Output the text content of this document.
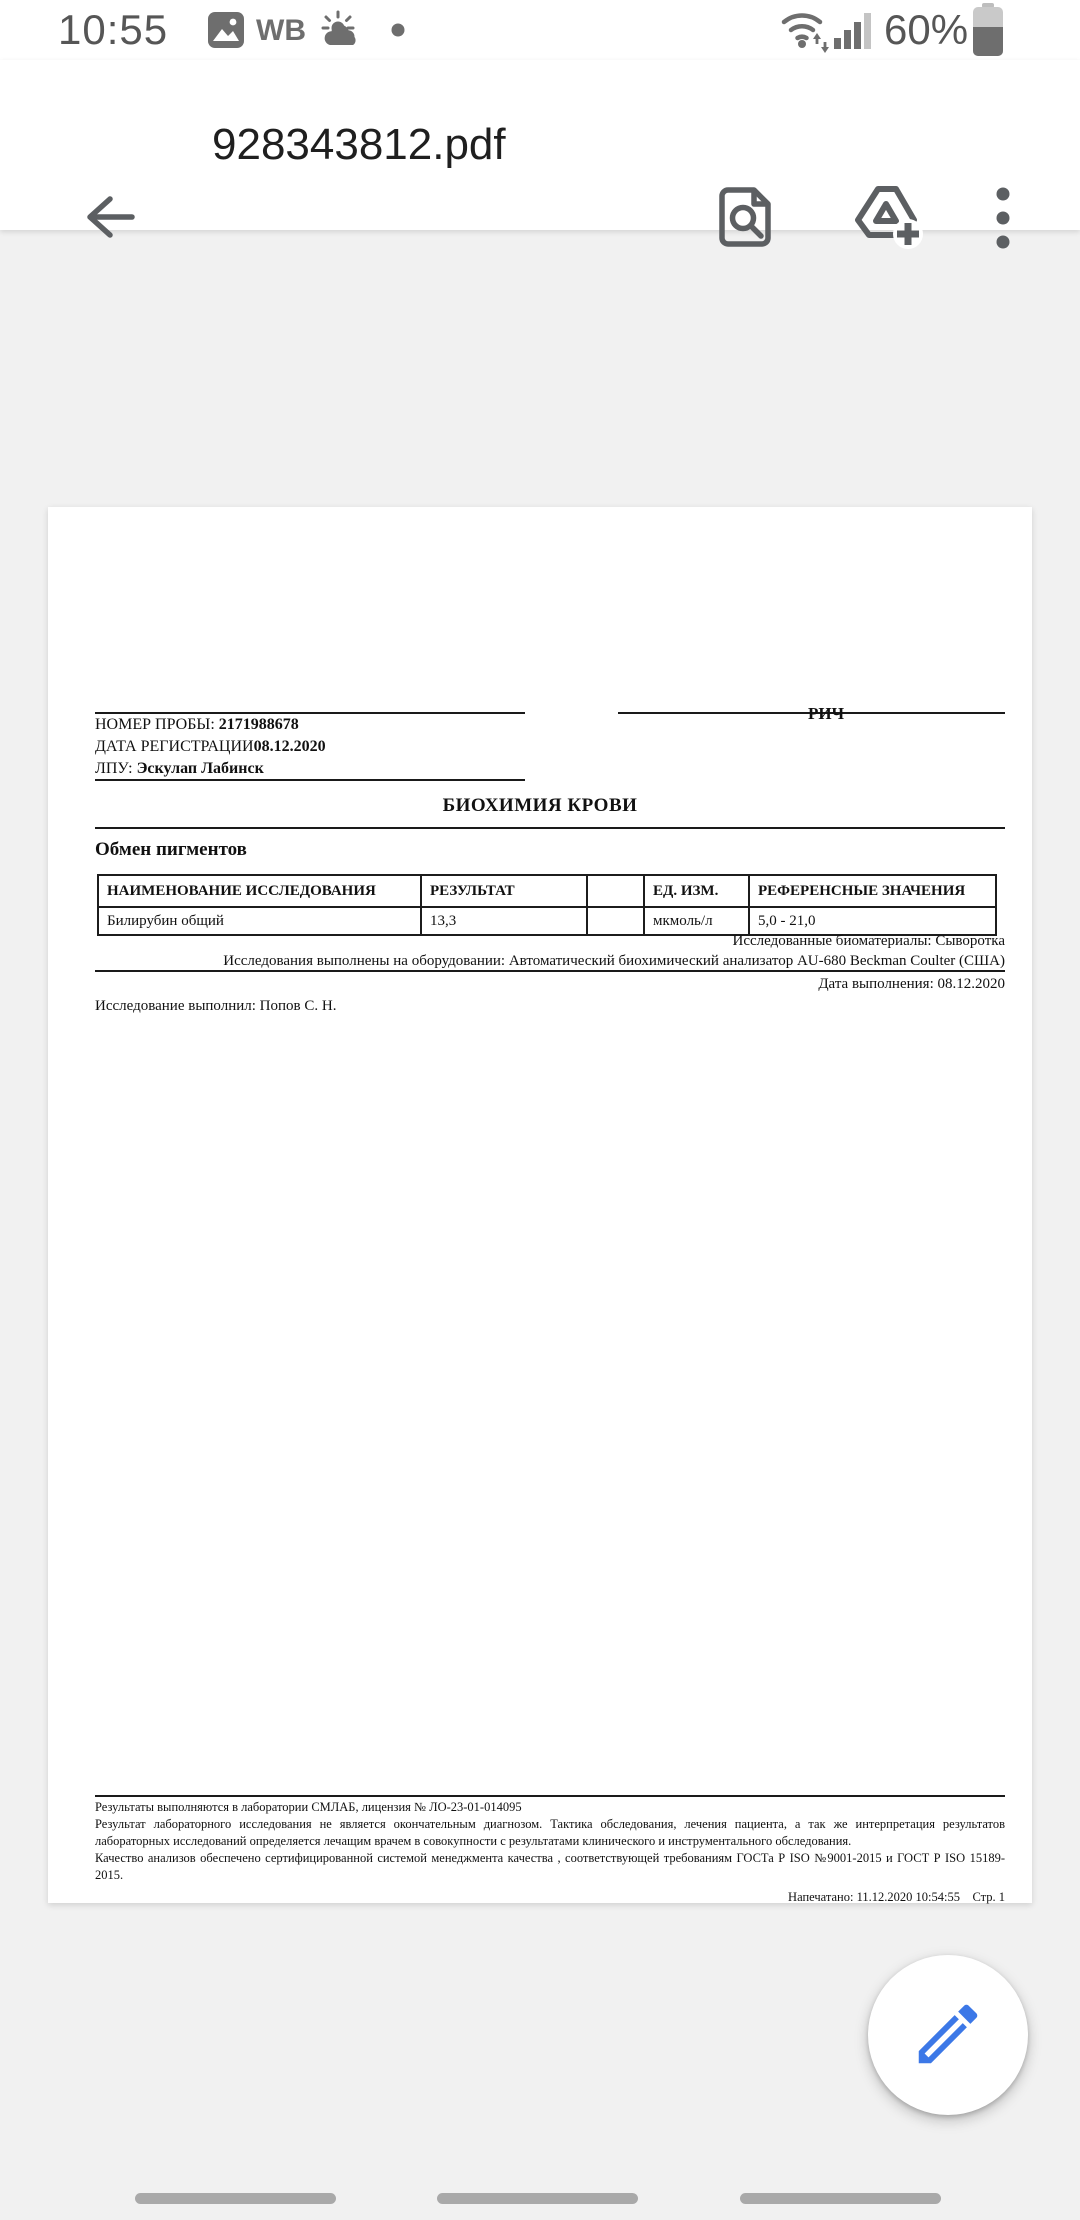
10:55	WB	60%
928343812.pdf
РИЧ
НОМЕР ПРОБЫ: 2171988678
ДАТА РЕГИСТРАЦИИ08.12.2020
ЛПУ: Эскулап Лабинск
БИОХИМИЯ КРОВИ
Обмен пигментов
НАИМЕНОВАНИЕ ИССЛЕДОВАНИЯ	РЕЗУЛЬТАТ		ЕД. ИЗМ.	РЕФЕРЕНСНЫЕ ЗНАЧЕНИЯ
Билирубин общий	13,3		мкмоль/л	5,0 - 21,0
Исследованные биоматериалы: Сыворотка
Исследования выполнены на оборудовании: Автоматический биохимический анализатор AU-680 Beckman Coulter (США)
Дата выполнения: 08.12.2020
Исследование выполнил: Попов С. Н.
Результаты выполняются в лаборатории СМЛАБ, лицензия № ЛО-23-01-014095
Результат лабораторного исследования не является окончательным диагнозом. Тактика обследования, лечения пациента, а так же интерпретация результатов лабораторных исследований определяется лечащим врачем в совокупности с результатами клинического и инструментального обследования.
Качество анализов обеспечено сертифицированной системой менеджмента качества , соответствующей требованиям ГОСТа Р ISO №9001-2015 и ГОСТ Р ISO 15189-2015.
Напечатано: 11.12.2020 10:54:55    Стр. 1
